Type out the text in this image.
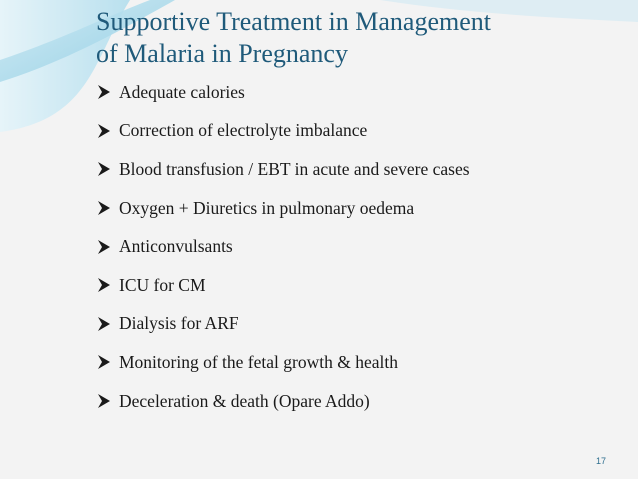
Supportive Treatment in Management
of Malaria in Pregnancy
Adequate calories
Correction of electrolyte imbalance
Blood transfusion / EBT in acute and severe cases
Oxygen + Diuretics in pulmonary oedema
Anticonvulsants
ICU for CM
Dialysis for ARF
Monitoring of the fetal growth & health
Deceleration & death (Opare Addo)
17
